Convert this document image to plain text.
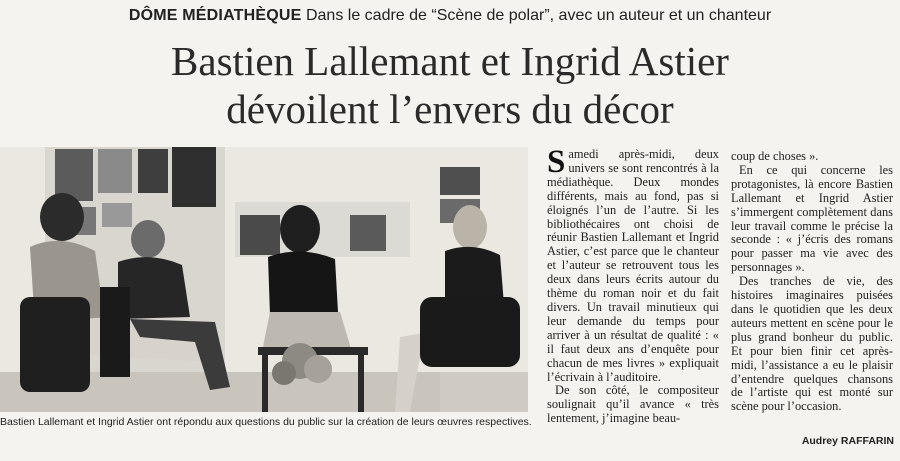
DÔME MÉDIATHÈQUE Dans le cadre de “Scène de polar”, avec un auteur et un chanteur
Bastien Lallemant et Ingrid Astier
dévoilent l’envers du décor
Bastien Lallemant et Ingrid Astier ont répondu aux questions du public sur la création de leurs œuvres respectives.

Samedi après-midi, deux univers se sont rencontrés à la médiathèque. Deux mondes différents, mais au fond, pas si éloignés l’un de l’autre. Si les bibliothécaires ont choisi de réunir Bastien Lallemant et Ingrid Astier, c’est parce que le chanteur et l’auteur se retrouvent tous les deux dans leurs écrits autour du thème du roman noir et du fait divers. Un travail minutieux qui leur demande du temps pour arriver à un résultat de qualité : « il faut deux ans d’enquête pour chacun de mes livres » expliquait l’écrivain à l’auditoire.

De son côté, le compositeur soulignait qu’il avance « très lentement, j’imagine beau-

coup de choses ».

En ce qui concerne les protagonistes, là encore Bastien Lallemant et Ingrid Astier s’immergent complètement dans leur travail comme le précise la seconde : « j’écris des romans pour passer ma vie avec des personnages ».

Des tranches de vie, des histoires imaginaires puisées dans le quotidien que les deux auteurs mettent en scène pour le plus grand bonheur du public. Et pour bien finir cet après-midi, l’assistance a eu le plaisir d’entendre quelques chansons de l’artiste qui est monté sur scène pour l’occasion.

Audrey RAFFARIN
